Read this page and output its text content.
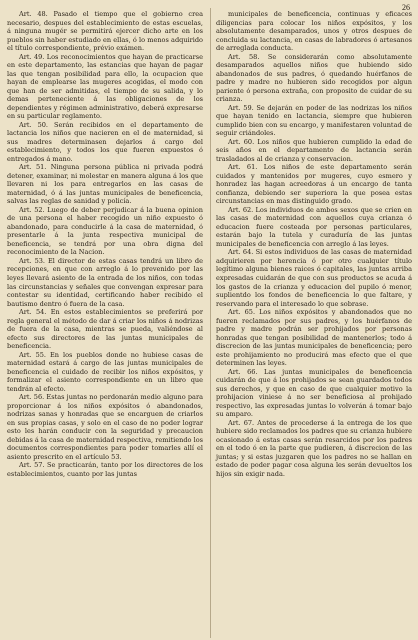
26

Art. 48. Pasado el tiempo que el gobierno crea necesario, despues del establecimiento de estas escuelas, á ninguna mugér se permitirá ejercer dicho arte en los pueblos sin haber estudiado en ellas, ó lo menos adquirido el título correspondiente, prévio exámen.

Art. 49. Los reconocimientos que hayan de practicarse en este departamento, las estancias que hayan de pagar las que tengan posibilidad para ello, la ocupacion que hayan de emplearse las mugeres acogidas, el modo con que han de ser admitidas, el tiempo de su salida, y lo demas perteneciente á las obligaciones de los dependientes y régimen administrativo, deberá expresarse en su particular reglamento.

Art. 50. Serán recibidos en el departamento de lactancia los niños que nacieren en el de maternidad, si sus madres determinasen dejarlos á cargo del establecimiento, y todos los que fueren expuestos ó entregados á mano.

Art. 51. Ninguna persona pública ni privada podrá detener, examinar, ni molestar en manera alguna á los que llevaren ni los para entregarlos en las casas de maternidad, ó á las juntas municipales de beneficencia, salvas las reglas de sanidad y policía.

Art. 52. Luego de deber perjudicar á la buena opinion de una persona el haber recogido un niño expuesto ó abandonado, para conducirle á la casa de maternidad, ó presentarle á la junta respectiva municipal de beneficencia, se tendrá por una obra digna del reconocimiento de la Nacion.

Art. 53. El director de estas casas tendrá un libro de recepciones, en que con arreglo á lo prevenido por las leyes llevará asiento de la entrada de los niños, con todas las circunstancias y señales que convengan expresar para contestar su identidad, certificando haber recibido el bautismo dentro ó fuera de la casa.

Art. 54. En estos establecimientos se preferirá por regla general el método de dar á criar los niños á nodrizas de fuera de la casa, mientras se pueda, valiéndose al efecto sus directores de las juntas municipales de beneficencia.

Art. 55. En los pueblos donde no hubiese casas de maternidad estará á cargo de las juntas municipales de beneficencia el cuidado de recibir los niños expósitos, y formalizar el asiento correspondiente en un libro que tendrán al efecto.

Art. 56. Estas juntas no perdonarán medio alguno para proporcionar á los niños expósitos ó abandonados, nodrizas sanas y honradas que se encarguen de criarlos en sus propias casas, y solo en el caso de no poder lograr esto les harán conducir con la seguridad y precaucion debidas á la casa de maternidad respectiva, remitiendo los documentos correspondientes para poder tomarles allí el asiento prescrito en el artículo 53.

Art. 57. Se practicarán, tanto por los directores de los establecimientos, cuanto por las juntas

municipales de beneficencia, continuas y eficaces diligencias para colocar los niños expósitos, y los absolutamente desamparados, unos y otros despues de concluida su lactancia, en casas de labradores ó artesanos de arreglada conducta.

Art. 58. Se considerarán como absolutamente desamparados aquellos niños que hubiendo sido abandonados de sus padres, ó quedando huérfanos de padre y madre no hubieren sido recogidos por algun pariente ó persona extraña, con proposito de cuidar de su crianza.

Art. 59. Se dejarán en poder de las nodrizas los niños que hayan tenido en lactancia, siempre que hubieren cumplido bien con su encargo, y manifestaren voluntad de seguir criándoles.

Art. 60. Los niños que hubieren cumplido la edad de seis años en el departamento de lactancia serán trasladados al de crianza y conservacion.

Art. 61. Los niños de este departamento serán cuidados y mantenidos por mugeres, cuyo esmero y honradez las hagan acreedoras á un encargo de tanta confianza, debiendo ser superiora la que posea estas circunstancias en mas distinguido grado.

Art. 62. Los individuos de ambos sexos que se crien en las casas de maternidad con aquellos cuya crianza ó educacion fuere costeada por personas particulares, estarán bajo la tutela y curaduría de las juntas municipales de beneficencia con arreglo á las leyes.

Art. 64. Si estos individuos de las casas de maternidad adquirieren por herencia ó por otro cualquier título legítimo alguna bienes raices ó capitales, las juntas arriba expresadas cuidarán de que con sus productos se acuda á los gastos de la crianza y educacion del pupilo ó menor, suplientdo los fondos de beneficencia lo que faltare, y reservando para el interesado lo que sobrase.

Art. 65. Los niños expósitos y abandonados que no fueren reclamados por sus padres, y los huérfanos de padre y madre podrán ser prohijados por personas honradas que tengan posibilidad de mantenerlos; todo á discrecion de las juntas municipales de beneficencia; pero este prohijamiento no producirá mas efecto que el que determinen las leyes.

Art. 66. Las juntas municipales de beneficencia cuidarán de que á los prohijados se sean guardados todos sus derechos, y que en caso de que cualquier motivo la prohijacion viniese á no ser beneficiosa al prohijado respectivo, las expresadas juntas lo volverán á tomar bajo su amparo.

Art. 67. Antes de procederse á la entrega de los que hubiere sido reclamados los padres que su crianza hubiere ocasionado á estas casas serán resarcidos por los padres en el todo ó en la parte que pudieren, á discrecion de las juntas; y si estas juzgaren que los padres no se hallan en estado de poder pagar cosa alguna les serán devueltos los hijos sin exigir nada.
